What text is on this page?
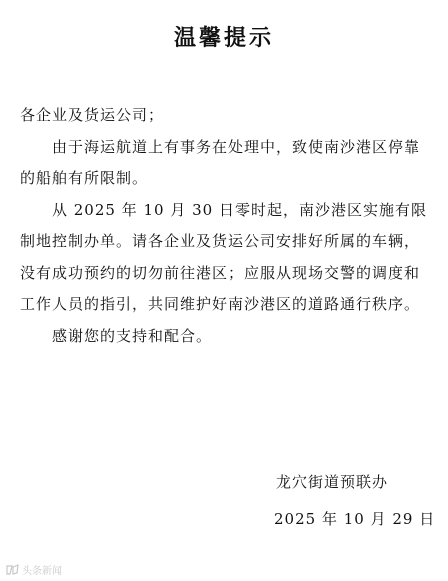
温馨提示

各企业及货运公司；

由于海运航道上有事务在处理中，致使南沙港区停靠的船舶有所限制。

从 2025 年 10 月 30 日零时起，南沙港区实施有限制地控制办单。请各企业及货运公司安排好所属的车辆，没有成功预约的切勿前往港区；应服从现场交警的调度和工作人员的指引，共同维护好南沙港区的道路通行秩序。

感谢您的支持和配合。

龙穴街道预联办
2025 年 10 月 29 日
头条新闻
